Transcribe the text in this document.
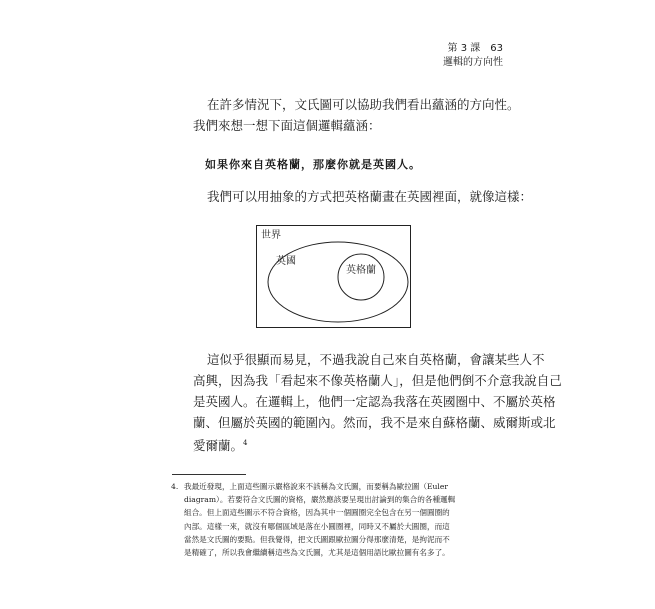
第 3 課 63
邏輯的方向性
在許多情況下，文氏圖可以協助我們看出蘊涵的方向性。
我們來想一想下面這個邏輯蘊涵：
如果你來自英格蘭，那麼你就是英國人。
我們可以用抽象的方式把英格蘭畫在英國裡面，就像這樣：
世界
英國
英格蘭
這似乎很顯而易見，不過我說自己來自英格蘭，會讓某些人不
高興，因為我「看起來不像英格蘭人」，但是他們倒不介意我說自己
是英國人。在邏輯上，他們一定認為我落在英國圈中、不屬於英格
蘭、但屬於英國的範圍內。然而，我不是來自蘇格蘭、威爾斯或北
愛爾蘭。$^4$
4. 我最近發現，上面這些圖示嚴格說來不該稱為文氏圖，而要稱為歐拉圖（Euler

diagram）。若要符合文氏圖的資格，嚴然應該要呈現出討論到的集合的各種邏輯

組合。但上面這些圖示不符合資格，因為其中一個圓圈完全包含在另一個圓圈的

內部。這樣一來，就沒有哪個區域是落在小圓圈裡，同時又不屬於大圓圈，而這

當然是文氏圖的要點。但我覺得，把文氏圖跟歐拉圖分得那麼清楚，是拘泥而不

是精確了，所以我會繼續稱這些為文氏圖，尤其是這個用語比歐拉圖有名多了。
